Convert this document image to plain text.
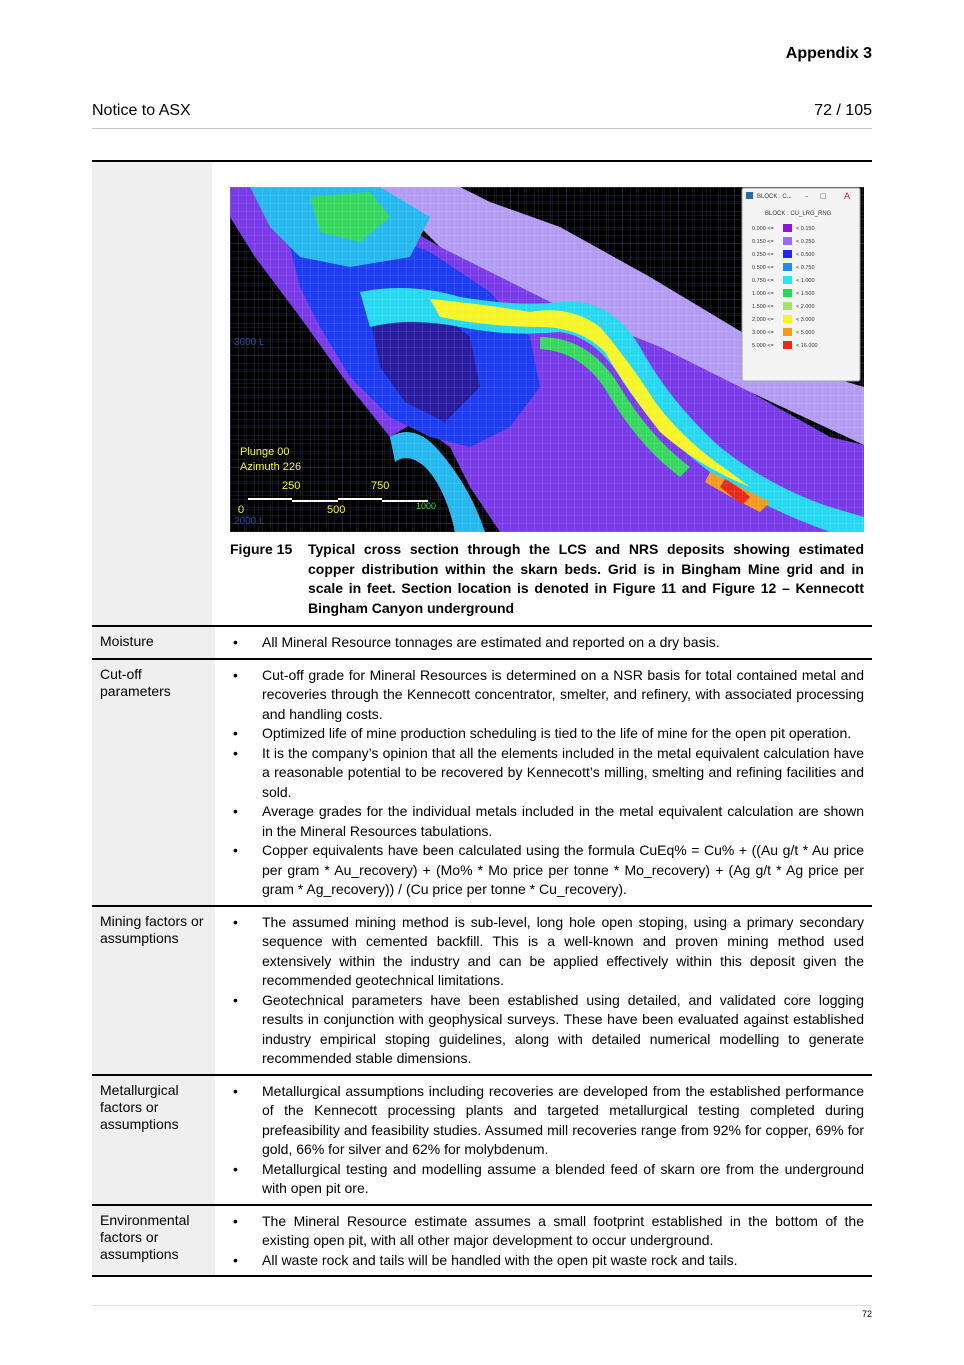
Appendix 3
Notice to ASX	72 / 105
3000 L
2000 L
Plunge 00
Azimuth 226
0
250
500
750
1000
BLOCK : C... – □ A
BLOCK : CU_LRG_RNG
0.000 <=	< 0.150
0.150 <=	< 0.250
0.250 <=	< 0.500
0.500 <=	< 0.750
0.750 <=	< 1.000
1.000 <=	< 1.500
1.500 <=	< 2.000
2.000 <=	< 3.000
3.000 <=	< 5.000
5.000 <=	< 16.000
Figure 15	Typical cross section through the LCS and NRS deposits showing estimated copper distribution within the skarn beds. Grid is in Bingham Mine grid and in scale in feet. Section location is denoted in Figure 11 and Figure 12 – Kennecott Bingham Canyon underground
Moisture
•	All Mineral Resource tonnages are estimated and reported on a dry basis.
Cut-off parameters
• Cut-off grade for Mineral Resources is determined on a NSR basis for total contained metal and recoveries through the Kennecott concentrator, smelter, and refinery, with associated processing and handling costs.
• Optimized life of mine production scheduling is tied to the life of mine for the open pit operation.
• It is the company’s opinion that all the elements included in the metal equivalent calculation have a reasonable potential to be recovered by Kennecott’s milling, smelting and refining facilities and sold.
• Average grades for the individual metals included in the metal equivalent calculation are shown in the Mineral Resources tabulations.
• Copper equivalents have been calculated using the formula CuEq% = Cu% + ((Au g/t * Au price per gram * Au_recovery) + (Mo% * Mo price per tonne * Mo_recovery) + (Ag g/t * Ag price per gram * Ag_recovery)) / (Cu price per tonne * Cu_recovery).
Mining factors or assumptions
• The assumed mining method is sub-level, long hole open stoping, using a primary secondary sequence with cemented backfill. This is a well-known and proven mining method used extensively within the industry and can be applied effectively within this deposit given the recommended geotechnical limitations.
• Geotechnical parameters have been established using detailed, and validated core logging results in conjunction with geophysical surveys. These have been evaluated against established industry empirical stoping guidelines, along with detailed numerical modelling to generate recommended stable dimensions.
Metallurgical factors or assumptions
• Metallurgical assumptions including recoveries are developed from the established performance of the Kennecott processing plants and targeted metallurgical testing completed during prefeasibility and feasibility studies. Assumed mill recoveries range from 92% for copper, 69% for gold, 66% for silver and 62% for molybdenum.
• Metallurgical testing and modelling assume a blended feed of skarn ore from the underground with open pit ore.
Environmental factors or assumptions
• The Mineral Resource estimate assumes a small footprint established in the bottom of the existing open pit, with all other major development to occur underground.
• All waste rock and tails will be handled with the open pit waste rock and tails.
72
